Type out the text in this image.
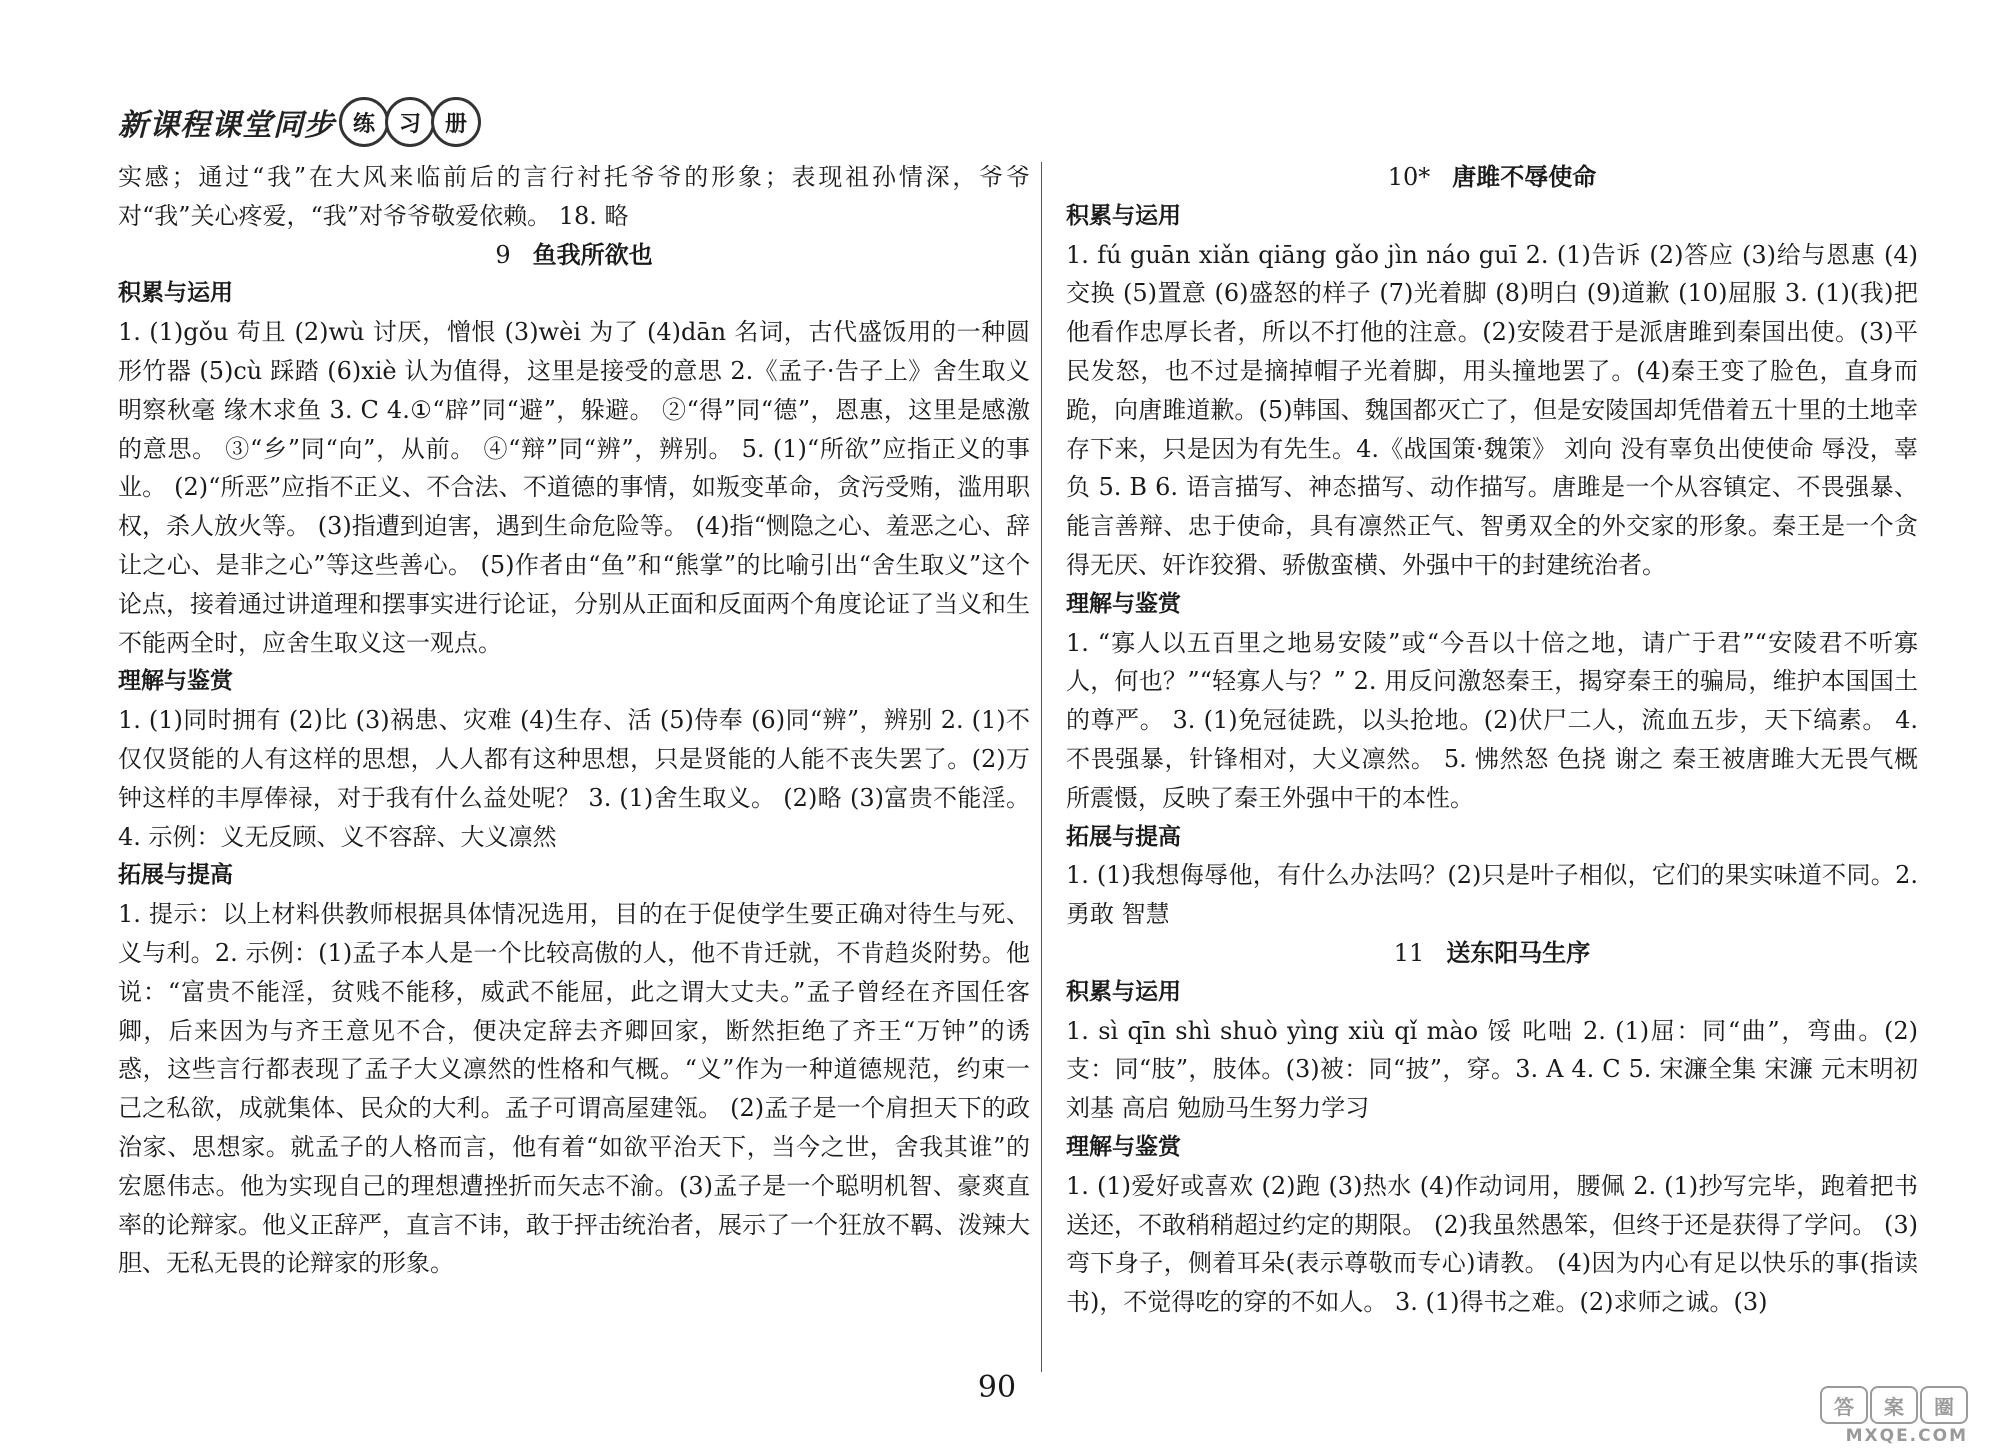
新课程课堂同步 练	习	册

实感；通过“我”在大风来临前后的言行衬托爷爷的形象；表现祖孙情深，爷爷对“我”关心疼爱，“我”对爷爷敬爱依赖。 18. 略

9 鱼我所欲也
积累与运用

1. (1)gǒu 苟且 (2)wù 讨厌，憎恨 (3)wèi 为了 (4)dān 名词，古代盛饭用的一种圆形竹器 (5)cù 踩踏 (6)xiè 认为值得，这里是接受的意思 2.《孟子·告子上》舍生取义 明察秋毫 缘木求鱼 3. C 4.①“辟”同“避”，躲避。 ②“得”同“德”，恩惠，这里是感激的意思。 ③“乡”同“向”，从前。 ④“辩”同“辨”，辨别。 5. (1)“所欲”应指正义的事业。 (2)“所恶”应指不正义、不合法、不道德的事情，如叛变革命，贪污受贿，滥用职权，杀人放火等。 (3)指遭到迫害，遇到生命危险等。 (4)指“恻隐之心、羞恶之心、辞让之心、是非之心”等这些善心。 (5)作者由“鱼”和“熊掌”的比喻引出“舍生取义”这个论点，接着通过讲道理和摆事实进行论证，分别从正面和反面两个角度论证了当义和生不能两全时，应舍生取义这一观点。

理解与鉴赏

1. (1)同时拥有 (2)比 (3)祸患、灾难 (4)生存、活 (5)侍奉 (6)同“辨”，辨别 2. (1)不仅仅贤能的人有这样的思想，人人都有这种思想，只是贤能的人能不丧失罢了。(2)万钟这样的丰厚俸禄，对于我有什么益处呢？ 3. (1)舍生取义。 (2)略 (3)富贵不能淫。 4. 示例：义无反顾、义不容辞、大义凛然

拓展与提高

1. 提示：以上材料供教师根据具体情况选用，目的在于促使学生要正确对待生与死、义与利。2. 示例：(1)孟子本人是一个比较高傲的人，他不肯迁就，不肯趋炎附势。他说：“富贵不能淫，贫贱不能移，威武不能屈，此之谓大丈夫。”孟子曾经在齐国任客卿，后来因为与齐王意见不合，便决定辞去齐卿回家，断然拒绝了齐王“万钟”的诱惑，这些言行都表现了孟子大义凛然的性格和气概。“义”作为一种道德规范，约束一己之私欲，成就集体、民众的大利。孟子可谓高屋建瓴。 (2)孟子是一个肩担天下的政治家、思想家。就孟子的人格而言，他有着“如欲平治天下，当今之世，舍我其谁”的宏愿伟志。他为实现自己的理想遭挫折而矢志不渝。(3)孟子是一个聪明机智、豪爽直率的论辩家。他义正辞严，直言不讳，敢于抨击统治者，展示了一个狂放不羁、泼辣大胆、无私无畏的论辩家的形象。

10* 唐雎不辱使命
积累与运用

1. fú guān xiǎn qiāng gǎo jìn náo guī 2. (1)告诉 (2)答应 (3)给与恩惠 (4)交换 (5)置意 (6)盛怒的样子 (7)光着脚 (8)明白 (9)道歉 (10)屈服 3. (1)(我)把他看作忠厚长者，所以不打他的注意。(2)安陵君于是派唐雎到秦国出使。(3)平民发怒，也不过是摘掉帽子光着脚，用头撞地罢了。(4)秦王变了脸色，直身而跪，向唐雎道歉。(5)韩国、魏国都灭亡了，但是安陵国却凭借着五十里的土地幸存下来，只是因为有先生。4.《战国策·魏策》 刘向 没有辜负出使使命 辱没，辜负 5. B 6. 语言描写、神态描写、动作描写。唐雎是一个从容镇定、不畏强暴、能言善辩、忠于使命，具有凛然正气、智勇双全的外交家的形象。秦王是一个贪得无厌、奸诈狡猾、骄傲蛮横、外强中干的封建统治者。

理解与鉴赏

1. “寡人以五百里之地易安陵”或“今吾以十倍之地，请广于君”“安陵君不听寡人，何也？”“轻寡人与？” 2. 用反问激怒秦王，揭穿秦王的骗局，维护本国国土的尊严。 3. (1)免冠徒跣，以头抢地。(2)伏尸二人，流血五步，天下缟素。 4. 不畏强暴，针锋相对，大义凛然。 5. 怫然怒 色挠 谢之 秦王被唐雎大无畏气概所震慑，反映了秦王外强中干的本性。

拓展与提高

1. (1)我想侮辱他，有什么办法吗？(2)只是叶子相似，它们的果实味道不同。2. 勇敢 智慧

11 送东阳马生序
积累与运用

1. sì qīn shì shuò yìng xiù qǐ mào 馁 叱咄 2. (1)屈：同“曲”，弯曲。(2)支：同“肢”，肢体。(3)被：同“披”，穿。3. A 4. C 5. 宋濂全集 宋濂 元末明初 刘基 高启 勉励马生努力学习

理解与鉴赏

1. (1)爱好或喜欢 (2)跑 (3)热水 (4)作动词用，腰佩 2. (1)抄写完毕，跑着把书送还，不敢稍稍超过约定的期限。 (2)我虽然愚笨，但终于还是获得了学问。 (3)弯下身子，侧着耳朵(表示尊敬而专心)请教。 (4)因为内心有足以快乐的事(指读书)，不觉得吃的穿的不如人。 3. (1)得书之难。(2)求师之诚。(3)

90
答	案	圈
MXQE.COM
